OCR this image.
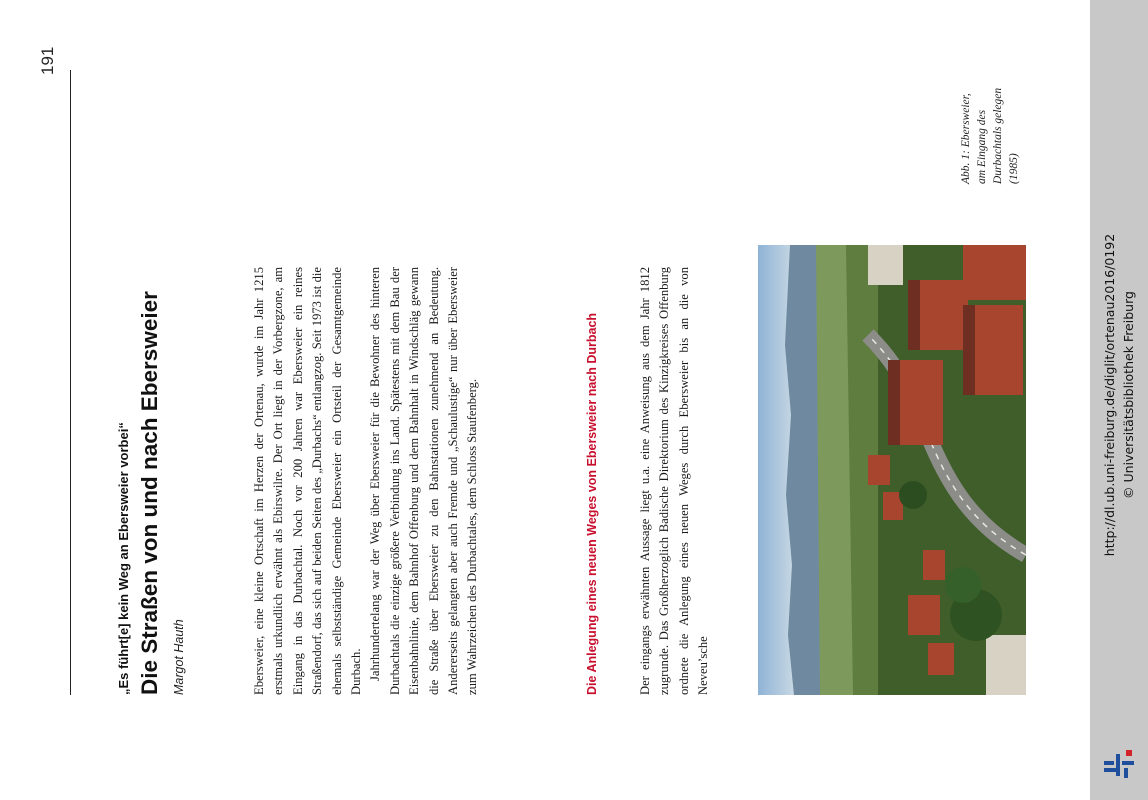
191
„Es führt[e] kein Weg an Ebersweier vorbei“ Die Straßen von und nach Ebersweier Margot Hauth	Ebersweier, eine kleine Ortschaft im Herzen der Ortenau, wurde im Jahr 1215 erstmals urkundlich erwähnt als Ebirswilre. Der Ort liegt in der Vorbergzone, am Eingang in das Durbachtal. Noch vor 200 Jahren war Ebersweier ein reines Straßendorf, das sich auf beiden Seiten des „Durbachs“ entlangzog. Seit 1973 ist die ehemals selbstständige Gemeinde Ebersweier ein Ortsteil der Gesamtgemeinde Durbach. Jahrhundertelang war der Weg über Ebersweier für die Bewohner des hinteren Durbachtals die einzige größere Verbindung ins Land. Spätestens mit dem Bau der Eisenbahnlinie, dem Bahnhof Offenburg und dem Bahnhalt in Windschläg gewann die Straße über Ebersweier zu den Bahnstationen zunehmend an Bedeutung. Andererseits gelangten aber auch Fremde und „Schaulustige“ nur über Ebersweier zum Wahrzeichen des Durbachtales, dem Schloss Staufenberg.	Die Anlegung eines neuen Weges von Ebersweier nach Durbach	Der eingangs erwähnten Aussage liegt u.a. eine Anweisung aus dem Jahr 1812 zugrunde. Das Großherzoglich Badische Direktorium des Kinzigkreises Offenburg ordnete die Anlegung eines neuen Weges durch Ebersweier bis an die von Neveu’sche

Abb. 1: Ebersweier, am Eingang des Durbachtals gelegen (1985)
http://dl.ub.uni-freiburg.de/diglit/ortenau2016/0192 © Universitätsbibliothek Freiburg
